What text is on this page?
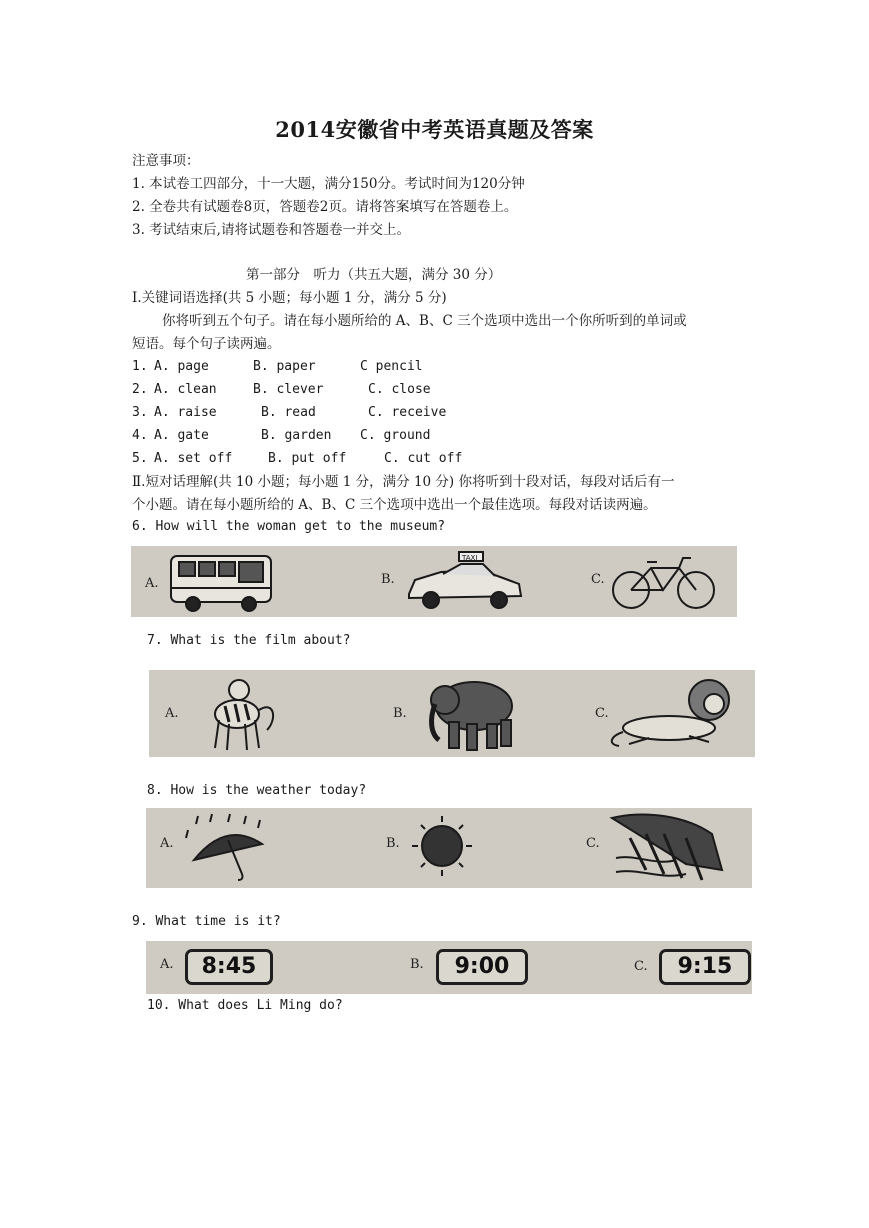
2014安徽省中考英语真题及答案
注意事项：
1. 本试卷工四部分，十一大题，满分150分。考试时间为120分钟
2. 全卷共有试题卷8页，答题卷2页。请将答案填写在答题卷上。
3. 考试结束后,请将试题卷和答题卷一并交上。
第一部分　听力（共五大题，满分 30 分）
I.关键词语选择(共 5 小题；每小题 1 分，满分 5 分)
你将听到五个句子。请在每小题所给的 A、B、C 三个选项中选出一个你所听到的单词或
短语。每个句子读两遍。
1. A. page	B. paper	C pencil
2. A. clean	B. clever	C. close
3. A. raise	B. read	C. receive
4. A. gate	B. garden C. ground
5. A. set off	B. put off	C. cut off
Ⅱ.短对话理解(共 10 小题；每小题 1 分，满分 10 分) 你将听到十段对话，每段对话后有一
个小题。请在每小题所给的 A、B、C 三个选项中选出一个最佳选项。每段对话读两遍。
6. How will the woman get to the museum?
A.	B.	C.
TAXI
7. What is the film about?
A.	B.	C.
8. How is the weather today?
A.	B.	C.
9. What time is it?
A.	8:45	B.	9:00	C.	9:15
10. What does Li Ming do?
